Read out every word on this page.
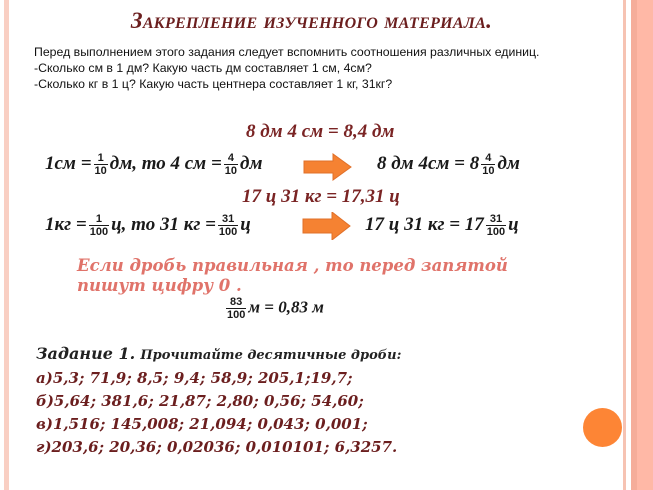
Закрепление изученного материала.
Перед выполнением этого задания следует вспомнить соотношения различных единиц.
-Сколько см в 1 дм? Какую часть дм составляет 1 см, 4см?
-Сколько кг в 1 ц? Какую часть центнера составляет 1 кг, 31кг?
8 дм 4 см = 8,4 дм
$1см = \frac{1}{10}$ дм, то 4 см = $\frac{4}{10}$ дм	8 дм $4см = 8 \frac{4}{10}$ дм
17 ц 31 кг = 17,31 ц
$1кг = \frac{1}{100} ц$, то 31 кг = $\frac{31}{100}$ ц	17 ц 31 кг = $17 \frac{31}{100}$ ц
Если дробь правильная , то перед запятой
пишут цифру 0 .
$\frac{83}{100}$ м = 0,83 м
Задание 1. Прочитайте десятичные дроби:
а)5,3; 71,9; 8,5; 9,4; 58,9; 205,1;19,7;
б)5,64; 381,6; 21,87; 2,80; 0,56; 54,60;
в)1,516; 145,008; 21,094; 0,043; 0,001;
г)203,6; 20,36; 0,02036; 0,010101; 6,3257.
